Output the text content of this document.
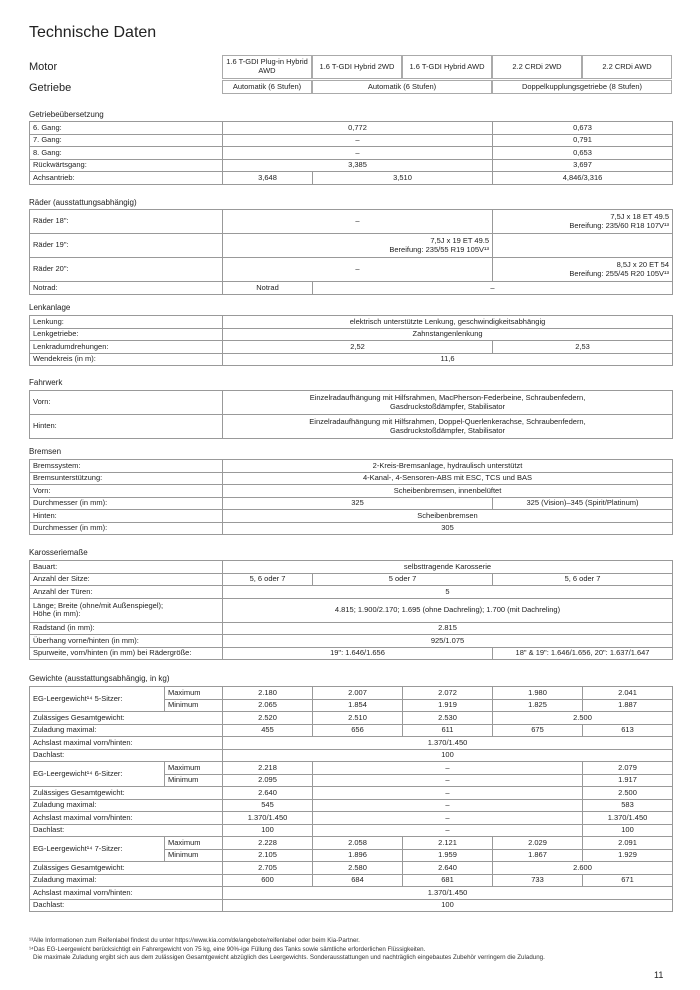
Technische Daten
Motor
Getriebe
1.6 T-GDI Plug-in Hybrid AWD	1.6 T-GDI Hybrid 2WD	1.6 T-GDI Hybrid AWD	2.2 CRDi 2WD	2.2 CRDi AWD
Automatik (6 Stufen)	Automatik (6 Stufen)	Doppelkupplungsgetriebe (8 Stufen)
Getriebeübersetzung
6. Gang:	0,772		0,673
7. Gang:	–		0,791
8. Gang:	–		0,653
Rückwärtsgang:	3,385		3,697
Achsantrieb:	3,648	3,510	4,846/3,316
Räder (ausstattungsabhängig)
Räder 18":	–		7,5J x 18 ET 49.5
Bereifung: 235/60 R18 107V¹³
Räder 19":	7,5J x 19 ET 49.5
Bereifung: 235/55 R19 105V¹³		
Räder 20":	–		8,5J x 20 ET 54
Bereifung: 255/45 R20 105V¹³
Notrad:	Notrad	–	
Lenkanlage
Lenkung:	elektrisch unterstützte Lenkung, geschwindigkeitsabhängig	
Lenkgetriebe:	Zahnstangenlenkung	
Lenkradumdrehungen:	2,52	2,53
Wendekreis (in m):	11,6	
Fahrwerk
Vorn:	Einzelradaufhängung mit Hilfsrahmen, MacPherson-Federbeine, Schraubenfedern,
Gasdruckstoßdämpfer, Stabilisator
Hinten:	Einzelradaufhängung mit Hilfsrahmen, Doppel-Querlenkerachse, Schraubenfedern,
Gasdruckstoßdämpfer, Stabilisator
Bremsen
Bremssystem:	2-Kreis-Bremsanlage, hydraulisch unterstützt	
Bremsunterstützung:	4-Kanal-, 4-Sensoren-ABS mit ESC, TCS und BAS	
Vorn:	Scheibenbremsen, innenbelüftet	
Durchmesser (in mm):	325	325 (Vision)–345 (Spirit/Platinum)
Hinten:	Scheibenbremsen	
Durchmesser (in mm):	305	
Karosseriemaße
Bauart:	selbsttragende Karosserie		
Anzahl der Sitze:	5, 6 oder 7	5 oder 7	5, 6 oder 7
Anzahl der Türen:	5		
Länge; Breite (ohne/mit Außenspiegel);
Höhe (in mm):	4.815; 1.900/2.170; 1.695 (ohne Dachreling); 1.700 (mit Dachreling)		
Radstand (in mm):	2.815		
Überhang vorne/hinten (in mm):	925/1.075		
Spurweite, vorn/hinten (in mm) bei Rädergröße:	19": 1.646/1.656		18" & 19": 1.646/1.656, 20": 1.637/1.647
Gewichte (ausstattungsabhängig, in kg)
EG-Leergewicht¹⁴ 5-Sitzer:	Maximum	2.180	2.007	2.072	1.980	2.041
	Minimum	2.065	1.854	1.919	1.825	1.887
Zulässiges Gesamtgewicht:		2.520	2.510	2.530	2.500	
Zuladung maximal:		455	656	611	675	613
Achslast maximal vorn/hinten:		1.370/1.450				
Dachlast:		100				
EG-Leergewicht¹⁴ 6-Sitzer:	Maximum	2.218	–			2.079
	Minimum	2.095	–			1.917
Zulässiges Gesamtgewicht:		2.640	–			2.500
Zuladung maximal:		545	–			583
Achslast maximal vorn/hinten:		1.370/1.450	–			1.370/1.450
Dachlast:		100	–			100
EG-Leergewicht¹⁴ 7-Sitzer:	Maximum	2.228	2.058	2.121	2.029	2.091
	Minimum	2.105	1.896	1.959	1.867	1.929
Zulässiges Gesamtgewicht:		2.705	2.580	2.640	2.600	
Zuladung maximal:		600	684	681	733	671
Achslast maximal vorn/hinten:		1.370/1.450				
Dachlast:		100				
¹³Alle Informationen zum Reifenlabel findest du unter https://www.kia.com/de/angebote/reifenlabel oder beim Kia-Partner.
¹⁴Das EG-Leergewicht berücksichtigt ein Fahrergewicht von 75 kg, eine 90%-ige Füllung des Tanks sowie sämtliche erforderlichen Flüssigkeiten.
Die maximale Zuladung ergibt sich aus dem zulässigen Gesamtgewicht abzüglich des Leergewichts. Sonderausstattungen und nachträglich eingebautes Zubehör verringern die Zuladung.
11
